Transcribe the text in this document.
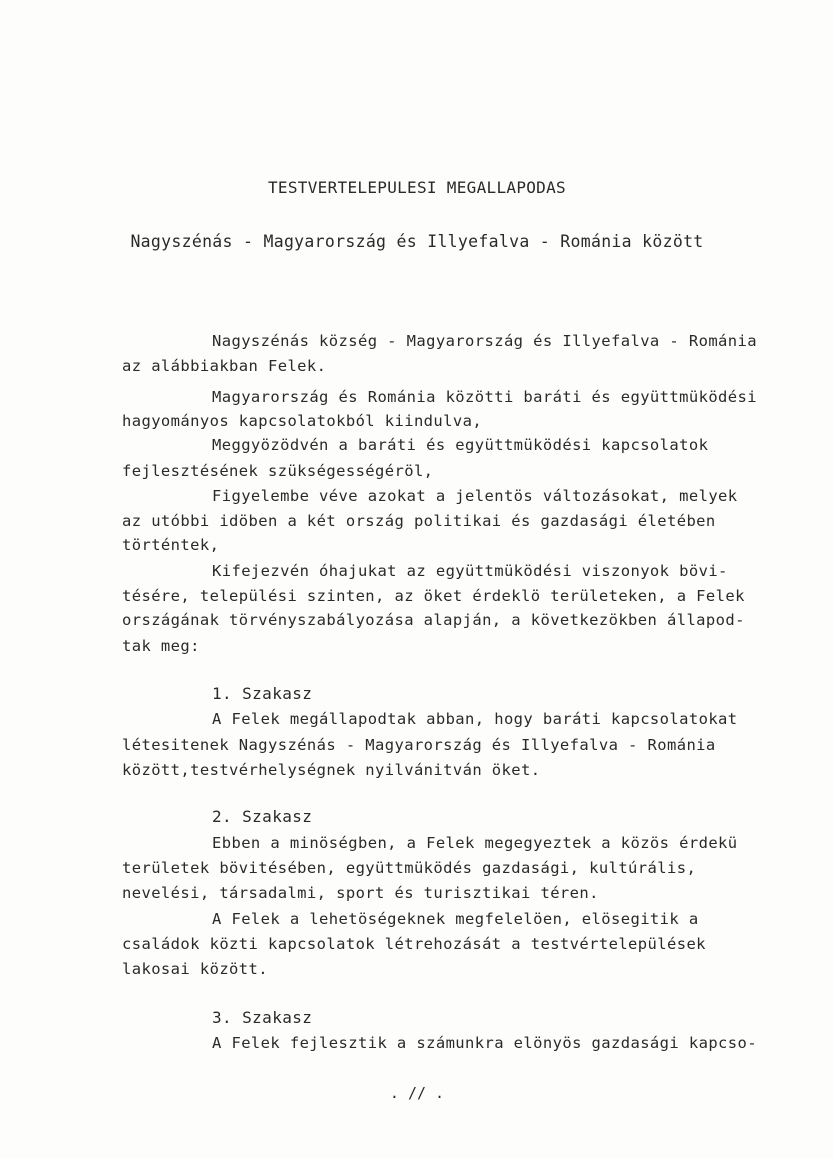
TESTVERTELEPULESI MEGALLAPODAS
Nagyszénás - Magyarország és Illyefalva - Románia között
Nagyszénás község - Magyarország és Illyefalva - Románia
az alábbiakban Felek.
Magyarország és Románia közötti baráti és együttmüködési
hagyományos kapcsolatokból kiindulva,
Meggyözödvén a baráti és együttmüködési kapcsolatok
fejlesztésének szükségességéröl,
Figyelembe véve azokat a jelentös változásokat, melyek
az utóbbi idöben a két ország politikai és gazdasági életében
történtek,
Kifejezvén óhajukat az együttmüködési viszonyok bövi-
tésére, települési szinten, az öket érdeklö területeken, a Felek
országának törvényszabályozása alapján, a következökben állapod-
tak meg:
1. Szakasz
A Felek megállapodtak abban, hogy baráti kapcsolatokat
létesitenek Nagyszénás - Magyarország és Illyefalva - Románia
között,testvérhelységnek nyilvánitván öket.
2. Szakasz
Ebben a minöségben, a Felek megegyeztek a közös érdekü
területek bövitésében, együttmüködés gazdasági, kultúrális,
nevelési, társadalmi, sport és turisztikai téren.
A Felek a lehetöségeknek megfelelöen, elösegitik a
családok közti kapcsolatok létrehozását a testvértelepülések
lakosai között.
3. Szakasz
A Felek fejlesztik a számunkra elönyös gazdasági kapcso-
. // .
